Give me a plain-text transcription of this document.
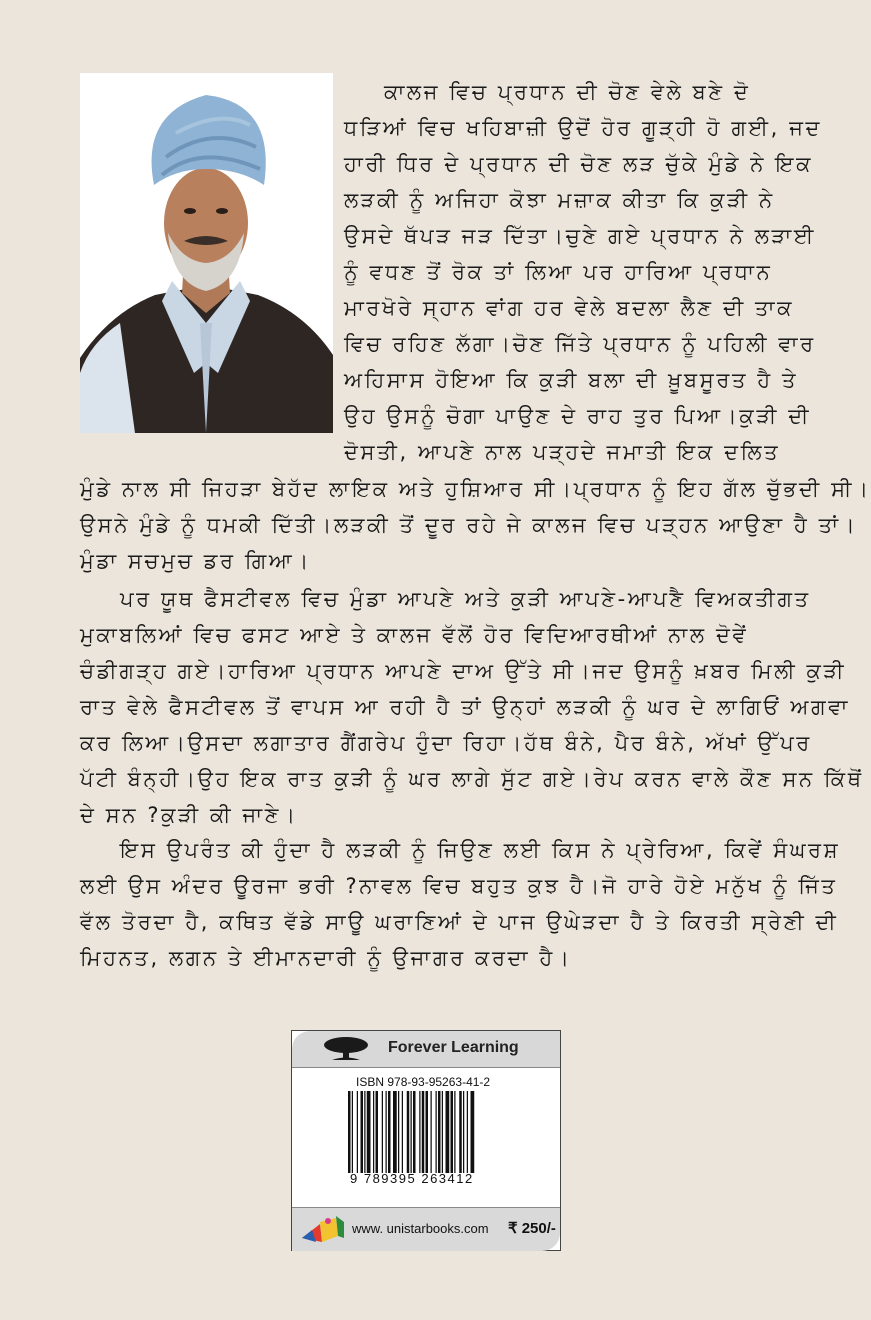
ਕਾਲਜ ਵਿਚ ਪ੍ਰਧਾਨ ਦੀ ਚੋਣ ਵੇਲੇ ਬਣੇ ਦੋ
ਧੜਿਆਂ ਵਿਚ ਖਹਿਬਾਜ਼ੀ ਉਦੋਂ ਹੋਰ ਗੂੜ੍ਹੀ ਹੋ ਗਈ, ਜਦ
ਹਾਰੀ ਧਿਰ ਦੇ ਪ੍ਰਧਾਨ ਦੀ ਚੋਣ ਲੜ ਚੁੱਕੇ ਮੁੰਡੇ ਨੇ ਇਕ
ਲੜਕੀ ਨੂੰ ਅਜਿਹਾ ਕੋਝਾ ਮਜ਼ਾਕ ਕੀਤਾ ਕਿ ਕੁੜੀ ਨੇ
ਉਸਦੇ ਥੱਪੜ ਜੜ ਦਿੱਤਾ।ਚੁਣੇ ਗਏ ਪ੍ਰਧਾਨ ਨੇ ਲੜਾਈ
ਨੂੰ ਵਧਣ ਤੋਂ ਰੋਕ ਤਾਂ ਲਿਆ ਪਰ ਹਾਰਿਆ ਪ੍ਰਧਾਨ
ਮਾਰਖੋਰੇ ਸ੍ਹਾਨ ਵਾਂਗ ਹਰ ਵੇਲੇ ਬਦਲਾ ਲੈਣ ਦੀ ਤਾਕ
ਵਿਚ ਰਹਿਣ ਲੱਗਾ।ਚੋਣ ਜਿੱਤੇ ਪ੍ਰਧਾਨ ਨੂੰ ਪਹਿਲੀ ਵਾਰ
ਅਹਿਸਾਸ ਹੋਇਆ ਕਿ ਕੁੜੀ ਬਲਾ ਦੀ ਖ਼ੂਬਸੂਰਤ ਹੈ ਤੇ
ਉਹ ਉਸਨੂੰ ਚੋਗਾ ਪਾਉਣ ਦੇ ਰਾਹ ਤੁਰ ਪਿਆ।ਕੁੜੀ ਦੀ
ਦੋਸਤੀ, ਆਪਣੇ ਨਾਲ ਪੜ੍ਹਦੇ ਜਮਾਤੀ ਇਕ ਦਲਿਤ

ਮੁੰਡੇ ਨਾਲ ਸੀ ਜਿਹੜਾ ਬੇਹੱਦ ਲਾਇਕ ਅਤੇ ਹੁਸ਼ਿਆਰ ਸੀ।ਪ੍ਰਧਾਨ ਨੂੰ ਇਹ ਗੱਲ ਚੁੱਭਦੀ ਸੀ।
ਉਸਨੇ ਮੁੰਡੇ ਨੂੰ ਧਮਕੀ ਦਿੱਤੀ।ਲੜਕੀ ਤੋਂ ਦੂਰ ਰਹੇ ਜੇ ਕਾਲਜ ਵਿਚ ਪੜ੍ਹਨ ਆਉਣਾ ਹੈ ਤਾਂ।
ਮੁੰਡਾ ਸਚਮੁਚ ਡਰ ਗਿਆ।

ਪਰ ਯੂਥ ਫੈਸਟੀਵਲ ਵਿਚ ਮੁੰਡਾ ਆਪਣੇ ਅਤੇ ਕੁੜੀ ਆਪਣੇ-ਆਪਣੈ ਵਿਅਕਤੀਗਤ
ਮੁਕਾਬਲਿਆਂ ਵਿਚ ਫਸਟ ਆਏ ਤੇ ਕਾਲਜ ਵੱਲੋਂ ਹੋਰ ਵਿਦਿਆਰਥੀਆਂ ਨਾਲ ਦੋਵੇਂ
ਚੰਡੀਗੜ੍ਹ ਗਏ।ਹਾਰਿਆ ਪ੍ਰਧਾਨ ਆਪਣੇ ਦਾਅ ਉੱਤੇ ਸੀ।ਜਦ ਉਸਨੂੰ ਖ਼ਬਰ ਮਿਲੀ ਕੁੜੀ
ਰਾਤ ਵੇਲੇ ਫੈਸਟੀਵਲ ਤੋਂ ਵਾਪਸ ਆ ਰਹੀ ਹੈ ਤਾਂ ਉਨ੍ਹਾਂ ਲੜਕੀ ਨੂੰ ਘਰ ਦੇ ਲਾਗਿਓਂ ਅਗਵਾ
ਕਰ ਲਿਆ।ਉਸਦਾ ਲਗਾਤਾਰ ਗੈਂਗਰੇਪ ਹੁੰਦਾ ਰਿਹਾ।ਹੱਥ ਬੰਨੇ, ਪੈਰ ਬੰਨੇ, ਅੱਖਾਂ ਉੱਪਰ
ਪੱਟੀ ਬੰਨ੍ਹੀ।ਉਹ ਇਕ ਰਾਤ ਕੁੜੀ ਨੂੰ ਘਰ ਲਾਗੇ ਸੁੱਟ ਗਏ।ਰੇਪ ਕਰਨ ਵਾਲੇ ਕੌਣ ਸਨ ਕਿੱਥੋਂ
ਦੇ ਸਨ ?ਕੁੜੀ ਕੀ ਜਾਣੇ।

ਇਸ ਉਪਰੰਤ ਕੀ ਹੁੰਦਾ ਹੈ ਲੜਕੀ ਨੂੰ ਜਿਉਣ ਲਈ ਕਿਸ ਨੇ ਪ੍ਰੇਰਿਆ, ਕਿਵੇਂ ਸੰਘਰਸ਼
ਲਈ ਉਸ ਅੰਦਰ ਊਰਜਾ ਭਰੀ ?ਨਾਵਲ ਵਿਚ ਬਹੁਤ ਕੁਝ ਹੈ।ਜੋ ਹਾਰੇ ਹੋਏ ਮਨੁੱਖ ਨੂੰ ਜਿੱਤ
ਵੱਲ ਤੋਰਦਾ ਹੈ, ਕਥਿਤ ਵੱਡੇ ਸਾਊ ਘਰਾਣਿਆਂ ਦੇ ਪਾਜ ਉਘੇੜਦਾ ਹੈ ਤੇ ਕਿਰਤੀ ਸ੍ਰੇਣੀ ਦੀ
ਮਿਹਨਤ, ਲਗਨ ਤੇ ਈਮਾਨਦਾਰੀ ਨੂੰ ਉਜਾਗਰ ਕਰਦਾ ਹੈ।

Forever Learning
ISBN 978-93-95263-41-2
9 789395 263412
www. unistarbooks.com ₹ 250/-
